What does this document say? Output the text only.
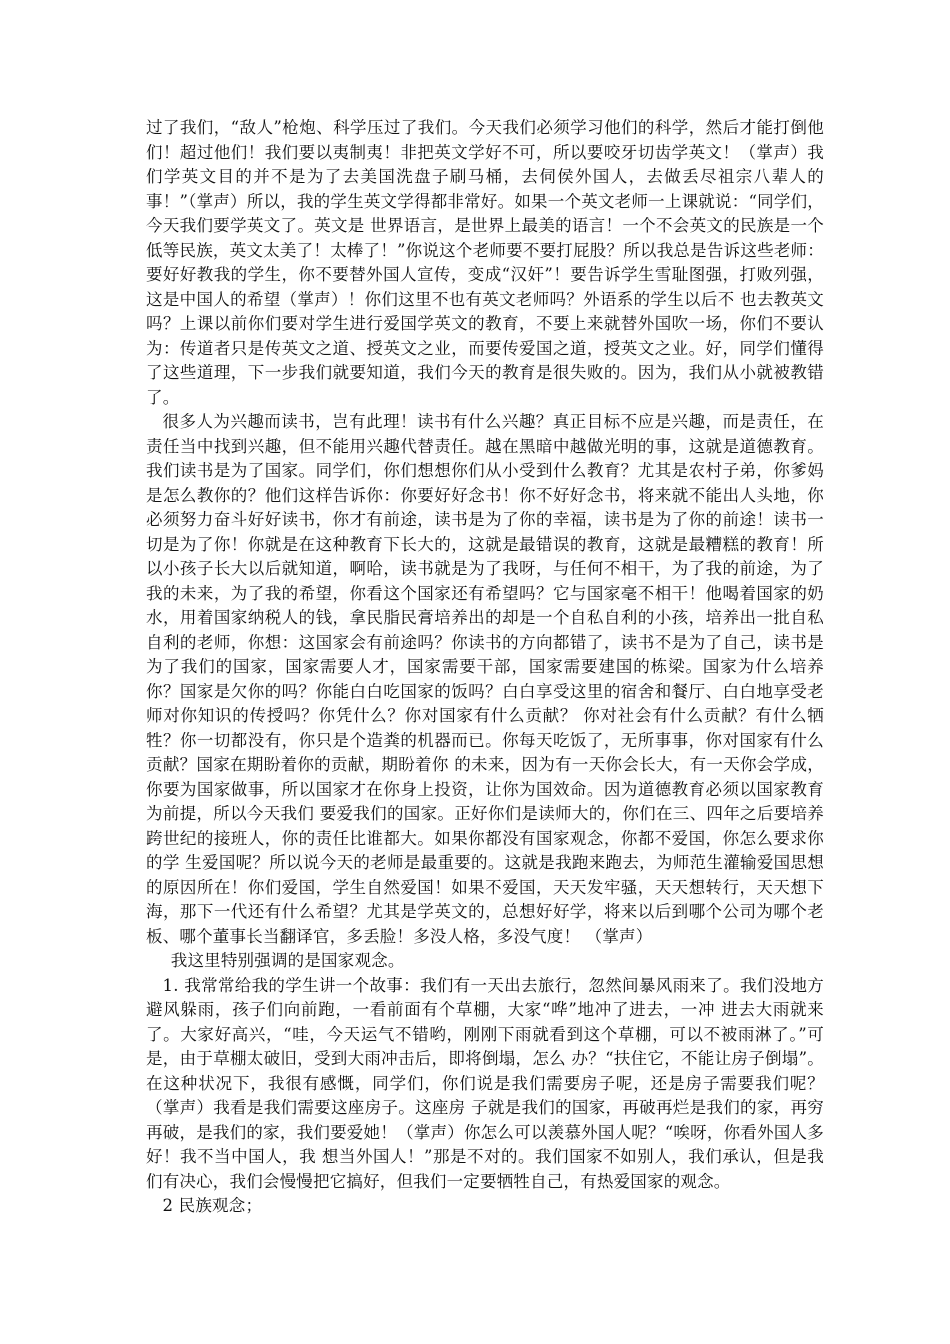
过了我们，“敌人”枪炮、科学压过了我们。今天我们必须学习他们的科学，然后才能打倒他们！超过他们！我们要以夷制夷！非把英文学好不可，所以要咬牙切齿学英文！（掌声）我们学英文目的并不是为了去美国洗盘子刷马桶，去伺侯外国人，去做丢尽祖宗八辈人的事！”（掌声）所以，我的学生英文学得都非常好。如果一个英文老师一上课就说：“同学们，今天我们要学英文了。英文是 世界语言，是世界上最美的语言！一个不会英文的民族是一个低等民族，英文太美了！太棒了！”你说这个老师要不要打屁股？所以我总是告诉这些老师：要好好教我的学生，你不要替外国人宣传，变成“汉奸”！要告诉学生雪耻图强，打败列强，这是中国人的希望（掌声）！你们这里不也有英文老师吗？外语系的学生以后不 也去教英文吗？上课以前你们要对学生进行爱国学英文的教育，不要上来就替外国吹一场，你们不要认为：传道者只是传英文之道、授英文之业，而要传爱国之道，授英文之业。好，同学们懂得了这些道理，下一步我们就要知道，我们今天的教育是很失败的。因为，我们从小就被教错了。

很多人为兴趣而读书，岂有此理！读书有什么兴趣？真正目标不应是兴趣，而是责任，在责任当中找到兴趣，但不能用兴趣代替责任。越在黑暗中越做光明的事，这就是道德教育。我们读书是为了国家。同学们，你们想想你们从小受到什么教育？尤其是农村子弟，你爹妈是怎么教你的？他们这样告诉你：你要好好念书！你不好好念书，将来就不能出人头地，你必须努力奋斗好好读书，你才有前途，读书是为了你的幸福，读书是为了你的前途！读书一切是为了你！你就是在这种教育下长大的，这就是最错误的教育，这就是最糟糕的教育！所以小孩子长大以后就知道，啊哈，读书就是为了我呀，与任何不相干，为了我的前途，为了我的未来，为了我的希望，你看这个国家还有希望吗？它与国家毫不相干！他喝着国家的奶水，用着国家纳税人的钱，拿民脂民膏培养出的却是一个自私自利的小孩，培养出一批自私自利的老师，你想：这国家会有前途吗？你读书的方向都错了，读书不是为了自己，读书是为了我们的国家，国家需要人才，国家需要干部，国家需要建国的栋梁。国家为什么培养你？国家是欠你的吗？你能白白吃国家的饭吗？白白享受这里的宿舍和餐厅、白白地享受老师对你知识的传授吗？你凭什么？你对国家有什么贡献？ 你对社会有什么贡献？有什么牺牲？你一切都没有，你只是个造粪的机器而已。你每天吃饭了，无所事事，你对国家有什么贡献？国家在期盼着你的贡献，期盼着你 的未来，因为有一天你会长大，有一天你会学成，你要为国家做事，所以国家才在你身上投资，让你为国效命。因为道德教育必须以国家教育为前提，所以今天我们 要爱我们的国家。正好你们是读师大的，你们在三、四年之后要培养跨世纪的接班人，你的责任比谁都大。如果你都没有国家观念，你都不爱国，你怎么要求你的学 生爱国呢？所以说今天的老师是最重要的。这就是我跑来跑去，为师范生灌输爱国思想的原因所在！你们爱国，学生自然爱国！如果不爱国，天天发牢骚，天天想转行，天天想下海，那下一代还有什么希望？尤其是学英文的，总想好好学，将来以后到哪个公司为哪个老板、哪个董事长当翻译官，多丢脸！多没人格，多没气度！ （掌声）

我这里特别强调的是国家观念。

1. 我常常给我的学生讲一个故事：我们有一天出去旅行，忽然间暴风雨来了。我们没地方避风躲雨，孩子们向前跑，一看前面有个草棚，大家“哗”地冲了进去，一冲 进去大雨就来了。大家好高兴，“哇，今天运气不错哟，刚刚下雨就看到这个草棚，可以不被雨淋了。”可是，由于草棚太破旧，受到大雨冲击后，即将倒塌，怎么 办？“扶住它，不能让房子倒塌”。在这种状况下，我很有感慨，同学们，你们说是我们需要房子呢，还是房子需要我们呢？（掌声）我看是我们需要这座房子。这座房 子就是我们的国家，再破再烂是我们的家，再穷再破，是我们的家，我们要爱她！（掌声）你怎么可以羡慕外国人呢？“唉呀，你看外国人多好！我不当中国人，我 想当外国人！”那是不对的。我们国家不如别人，我们承认，但是我们有决心，我们会慢慢把它搞好，但我们一定要牺牲自己，有热爱国家的观念。

2 民族观念；
